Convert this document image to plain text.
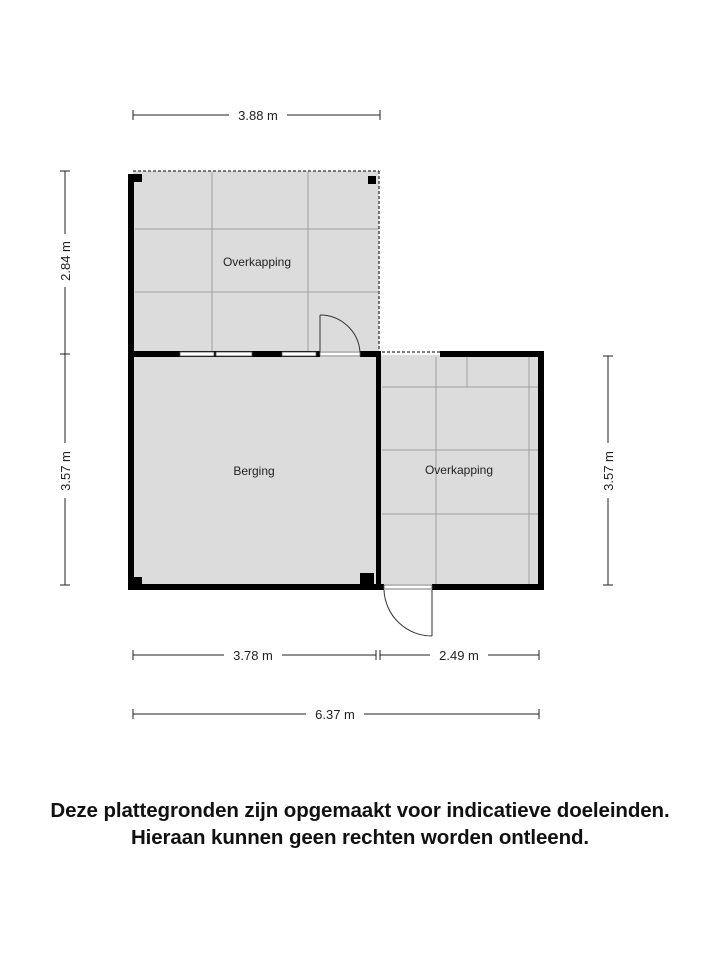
Overkapping
Berging	Overkapping
3.88 m
2.84 m
3.57 m	3.57 m
3.78 m	2.49 m
6.37 m
Deze plattegronden zijn opgemaakt voor indicatieve doeleinden.
Hieraan kunnen geen rechten worden ontleend.
